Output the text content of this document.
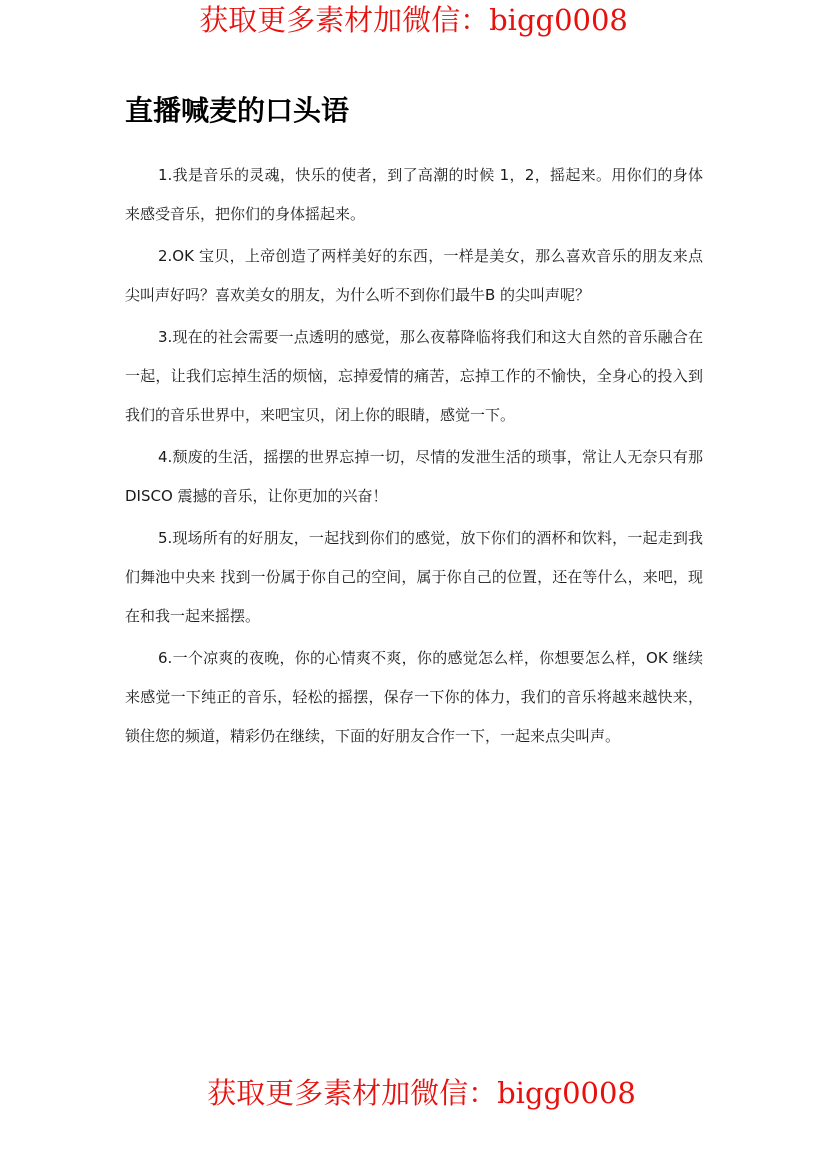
获取更多素材加微信：bigg0008
直播喊麦的口头语

1.我是音乐的灵魂，快乐的使者，到了高潮的时候 1，2，摇起来。用你们的身体来感受音乐，把你们的身体摇起来。

2.OK 宝贝，上帝创造了两样美好的东西，一样是美女，那么喜欢音乐的朋友来点尖叫声好吗？喜欢美女的朋友，为什么听不到你们最牛B 的尖叫声呢？

3.现在的社会需要一点透明的感觉，那么夜幕降临将我们和这大自然的音乐融合在一起，让我们忘掉生活的烦恼，忘掉爱情的痛苦，忘掉工作的不愉快，全身心的投入到我们的音乐世界中，来吧宝贝，闭上你的眼睛，感觉一下。

4.颓废的生活，摇摆的世界忘掉一切，尽情的发泄生活的琐事，常让人无奈只有那 DISCO 震撼的音乐，让你更加的兴奋！

5.现场所有的好朋友，一起找到你们的感觉，放下你们的酒杯和饮料，一起走到我们舞池中央来 找到一份属于你自己的空间，属于你自己的位置，还在等什么，来吧，现在和我一起来摇摆。

6.一个凉爽的夜晚，你的心情爽不爽，你的感觉怎么样，你想要怎么样，OK 继续来感觉一下纯正的音乐，轻松的摇摆，保存一下你的体力，我们的音乐将越来越快来，锁住您的频道，精彩仍在继续，下面的好朋友合作一下，一起来点尖叫声。

获取更多素材加微信：bigg0008
